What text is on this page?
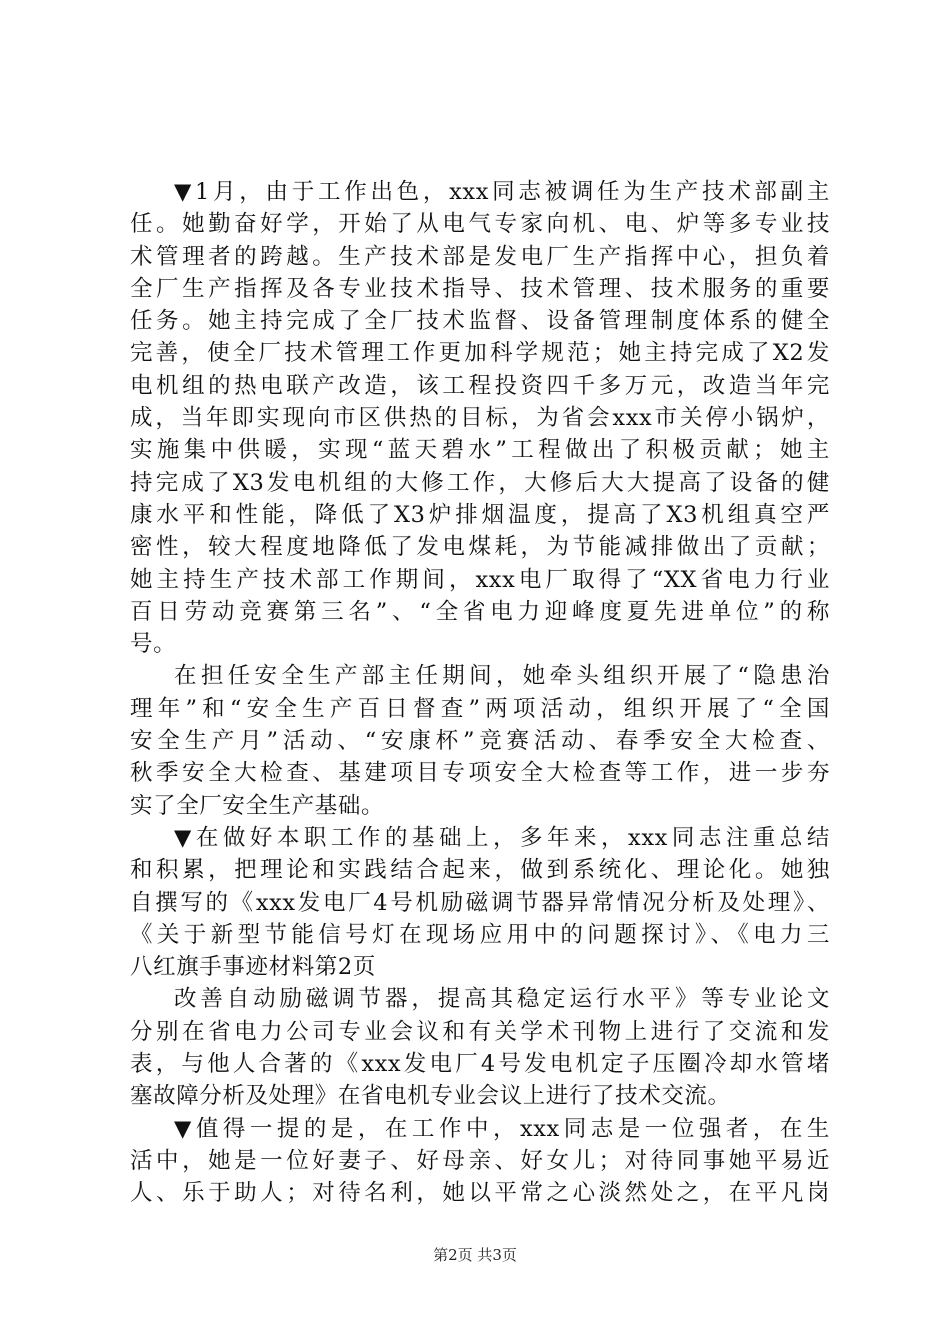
▼1月，由于工作出色，xxx同志被调任为生产技术部副主
任。她勤奋好学，开始了从电气专家向机、电、炉等多专业技
术管理者的跨越。生产技术部是发电厂生产指挥中心，担负着
全厂生产指挥及各专业技术指导、技术管理、技术服务的重要
任务。她主持完成了全厂技术监督、设备管理制度体系的健全
完善，使全厂技术管理工作更加科学规范；她主持完成了X2发
电机组的热电联产改造，该工程投资四千多万元，改造当年完
成，当年即实现向市区供热的目标，为省会xxx市关停小锅炉，
实施集中供暖，实现“蓝天碧水”工程做出了积极贡献；她主
持完成了X3发电机组的大修工作，大修后大大提高了设备的健
康水平和性能，降低了X3炉排烟温度，提高了X3机组真空严
密性，较大程度地降低了发电煤耗，为节能减排做出了贡献；
她主持生产技术部工作期间，xxx电厂取得了“XX省电力行业
百日劳动竞赛第三名”、“全省电力迎峰度夏先进单位”的称
号。
在担任安全生产部主任期间，她牵头组织开展了“隐患治
理年”和“安全生产百日督查”两项活动，组织开展了“全国
安全生产月”活动、“安康杯”竞赛活动、春季安全大检查、
秋季安全大检查、基建项目专项安全大检查等工作，进一步夯
实了全厂安全生产基础。
▼在做好本职工作的基础上，多年来，xxx同志注重总结
和积累，把理论和实践结合起来，做到系统化、理论化。她独
自撰写的《xxx发电厂4号机励磁调节器异常情况分析及处理》、
《关于新型节能信号灯在现场应用中的问题探讨》、《电力三
八红旗手事迹材料第2页
改善自动励磁调节器，提高其稳定运行水平》等专业论文
分别在省电力公司专业会议和有关学术刊物上进行了交流和发
表，与他人合著的《xxx发电厂4号发电机定子压圈冷却水管堵
塞故障分析及处理》在省电机专业会议上进行了技术交流。
▼值得一提的是，在工作中，xxx同志是一位强者，在生
活中，她是一位好妻子、好母亲、好女儿；对待同事她平易近
人、乐于助人；对待名利，她以平常之心淡然处之，在平凡岗
第2页 共3页
